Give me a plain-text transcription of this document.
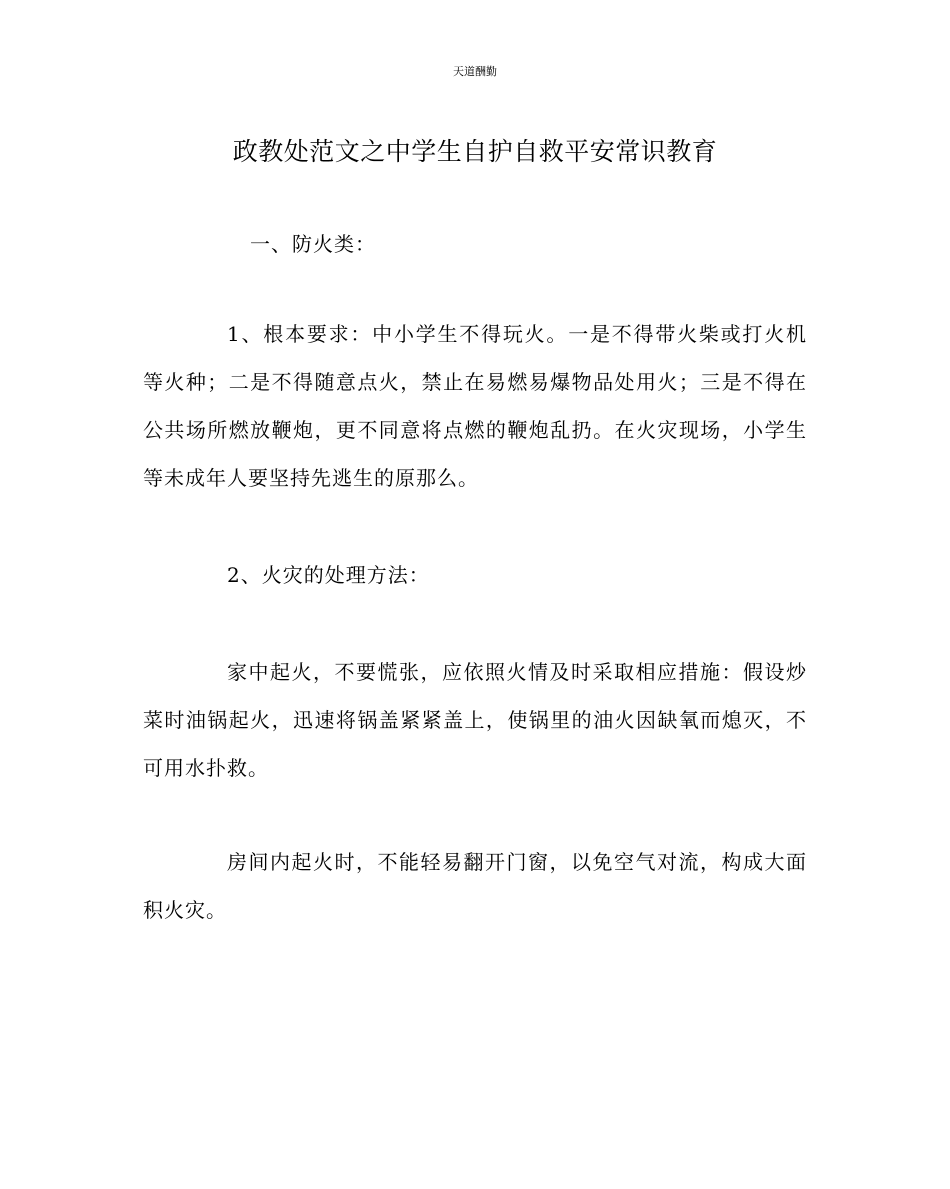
天道酬勤
政教处范文之中学生自护自救平安常识教育

一、防火类：

1、根本要求：中小学生不得玩火。一是不得带火柴或打火机等火种；二是不得随意点火，禁止在易燃易爆物品处用火；三是不得在公共场所燃放鞭炮，更不同意将点燃的鞭炮乱扔。在火灾现场，小学生等未成年人要坚持先逃生的原那么。

2、火灾的处理方法：

家中起火，不要慌张，应依照火情及时采取相应措施：假设炒菜时油锅起火，迅速将锅盖紧紧盖上，使锅里的油火因缺氧而熄灭，不可用水扑救。

房间内起火时，不能轻易翻开门窗，以免空气对流，构成大面积火灾。
